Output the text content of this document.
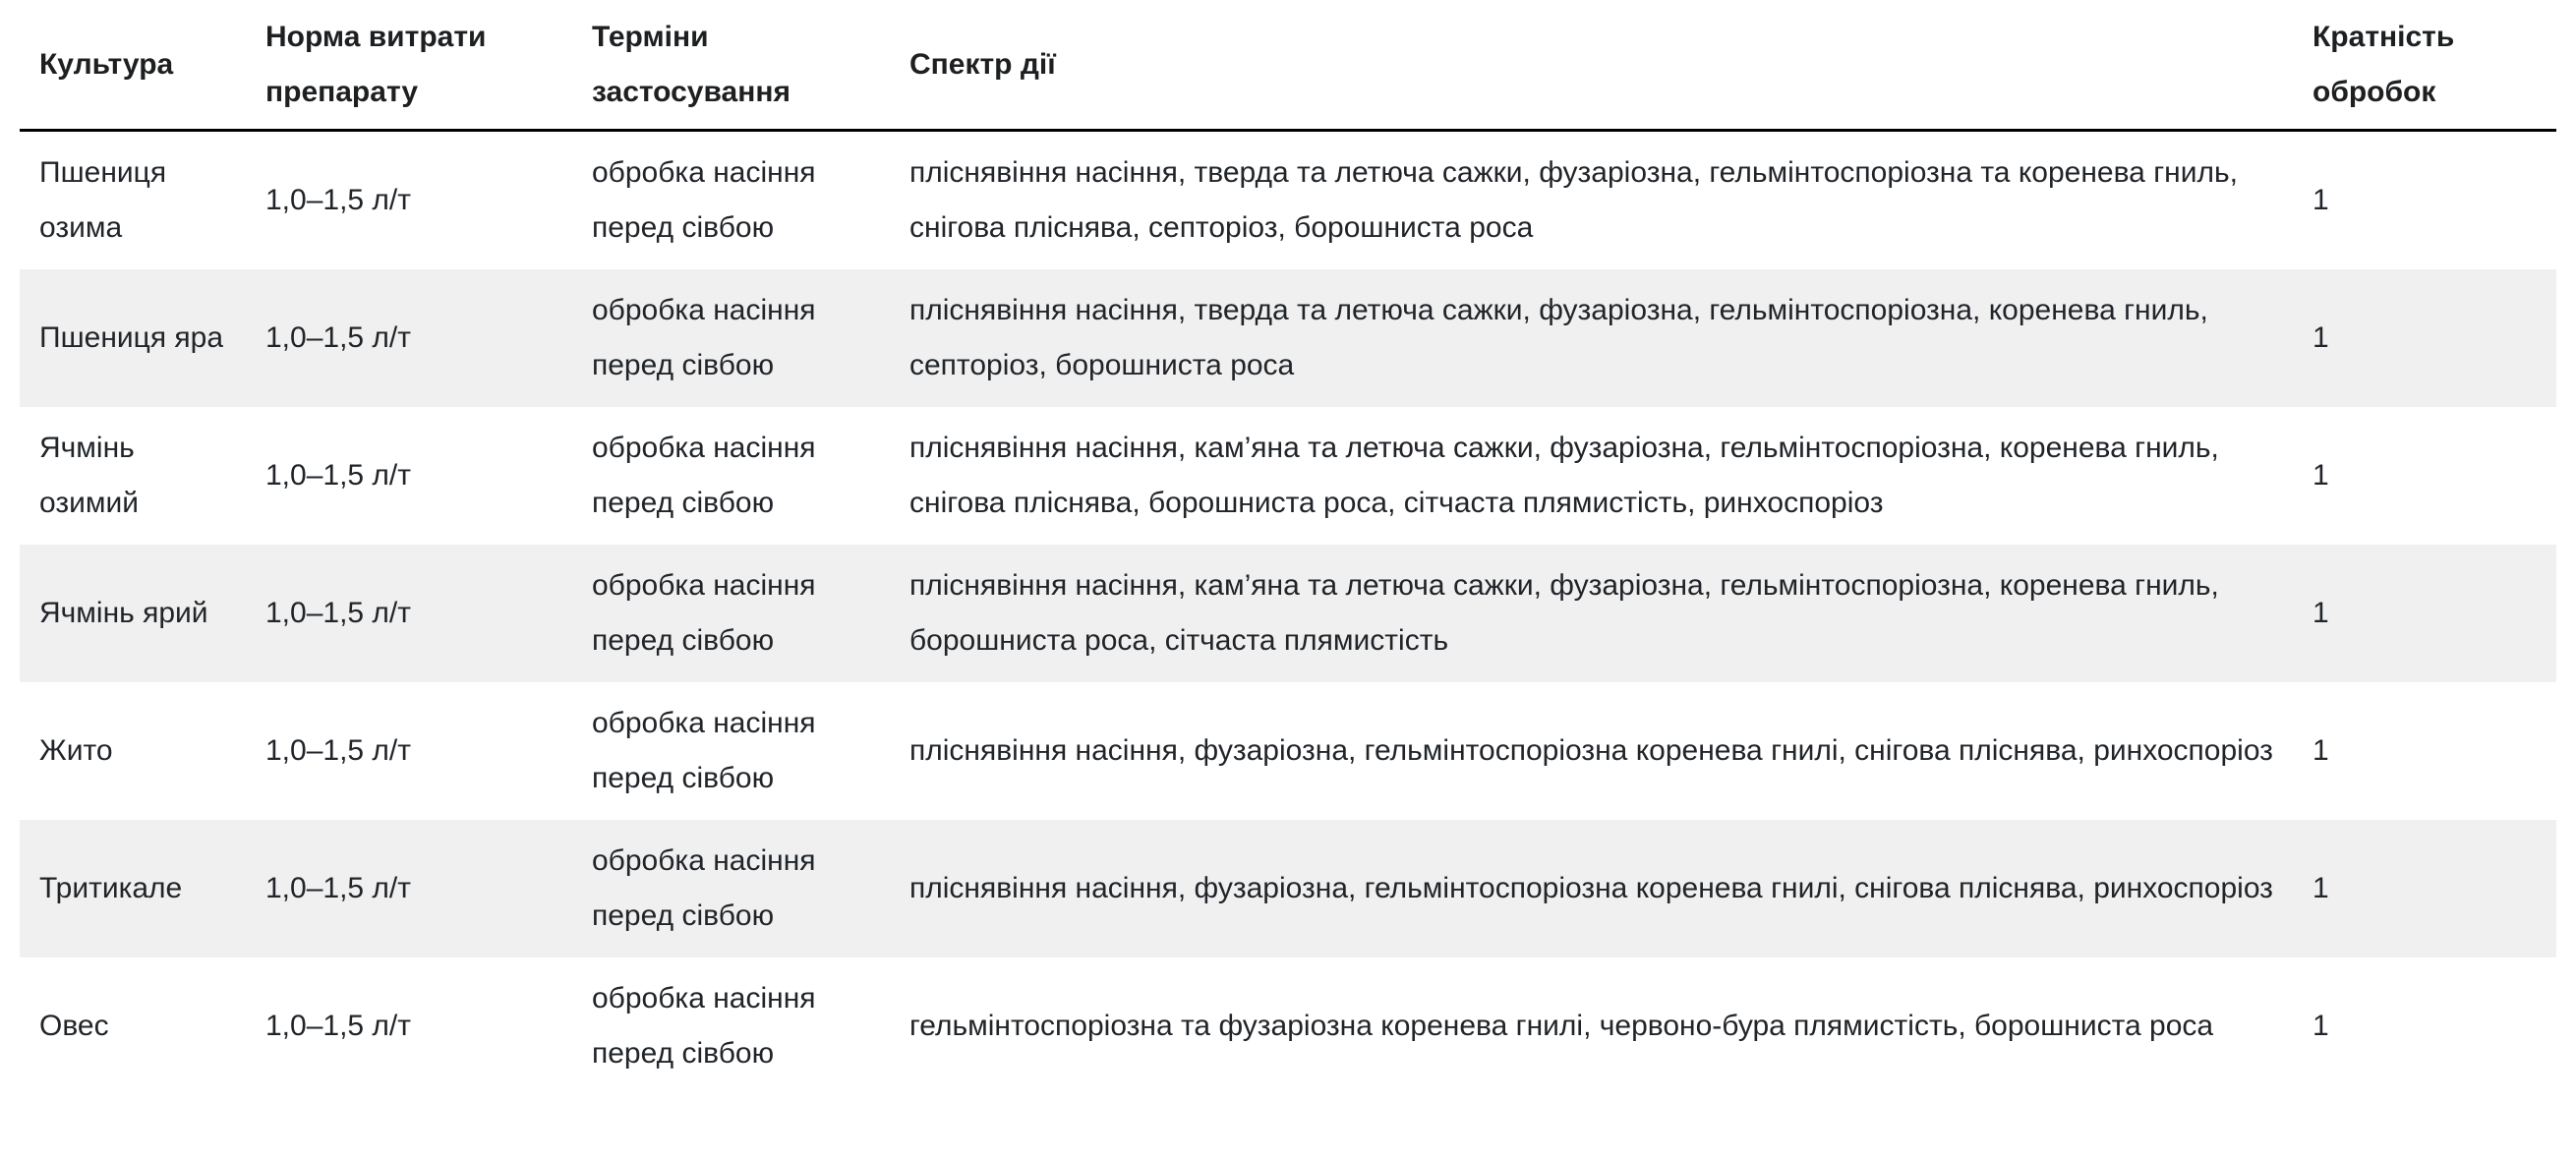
Культура	Норма витрати препарату	Терміни застосування	Спектр дії	Кратність обробок
Пшениця озима	1,0–1,5 л/т	обробка насіння перед сівбою	пліснявіння насіння, тверда та летюча сажки, фузаріозна, гельмінтоспоріозна та коренева гниль, снігова пліснява, септоріоз, борошниста роса	1
Пшениця яра	1,0–1,5 л/т	обробка насіння перед сівбою	пліснявіння насіння, тверда та летюча сажки, фузаріозна, гельмінтоспоріозна, коренева гниль, септоріоз, борошниста роса	1
Ячмінь озимий	1,0–1,5 л/т	обробка насіння перед сівбою	пліснявіння насіння, кам’яна та летюча сажки, фузаріозна, гельмінтоспоріозна, коренева гниль, снігова пліснява, борошниста роса, сітчаста плямистість, ринхоспоріоз	1
Ячмінь ярий	1,0–1,5 л/т	обробка насіння перед сівбою	пліснявіння насіння, кам’яна та летюча сажки, фузаріозна, гельмінтоспоріозна, коренева гниль, борошниста роса, сітчаста плямистість	1
Жито	1,0–1,5 л/т	обробка насіння перед сівбою	пліснявіння насіння, фузаріозна, гельмінтоспоріозна коренева гнилі, снігова пліснява, ринхоспоріоз	1
Тритикале	1,0–1,5 л/т	обробка насіння перед сівбою	пліснявіння насіння, фузаріозна, гельмінтоспоріозна коренева гнилі, снігова пліснява, ринхоспоріоз	1
Овес	1,0–1,5 л/т	обробка насіння перед сівбою	гельмінтоспоріозна та фузаріозна коренева гнилі, червоно-бура плямистість, борошниста роса	1
